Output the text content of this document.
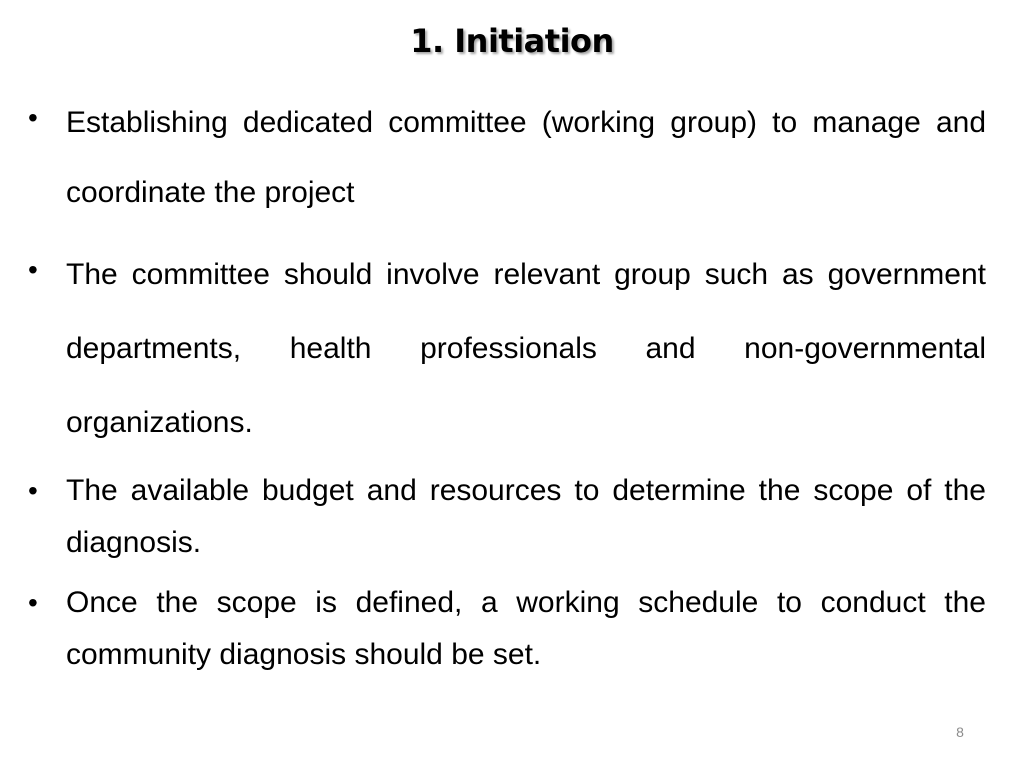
1. Initiation
• Establishing dedicated committee (working group) to manage and coordinate the project
• The committee should involve relevant group such as government departments, health professionals and non-governmental organizations.
• The available budget and resources to determine the scope of the diagnosis.
• Once the scope is defined, a working schedule to conduct the community diagnosis should be set.
8
